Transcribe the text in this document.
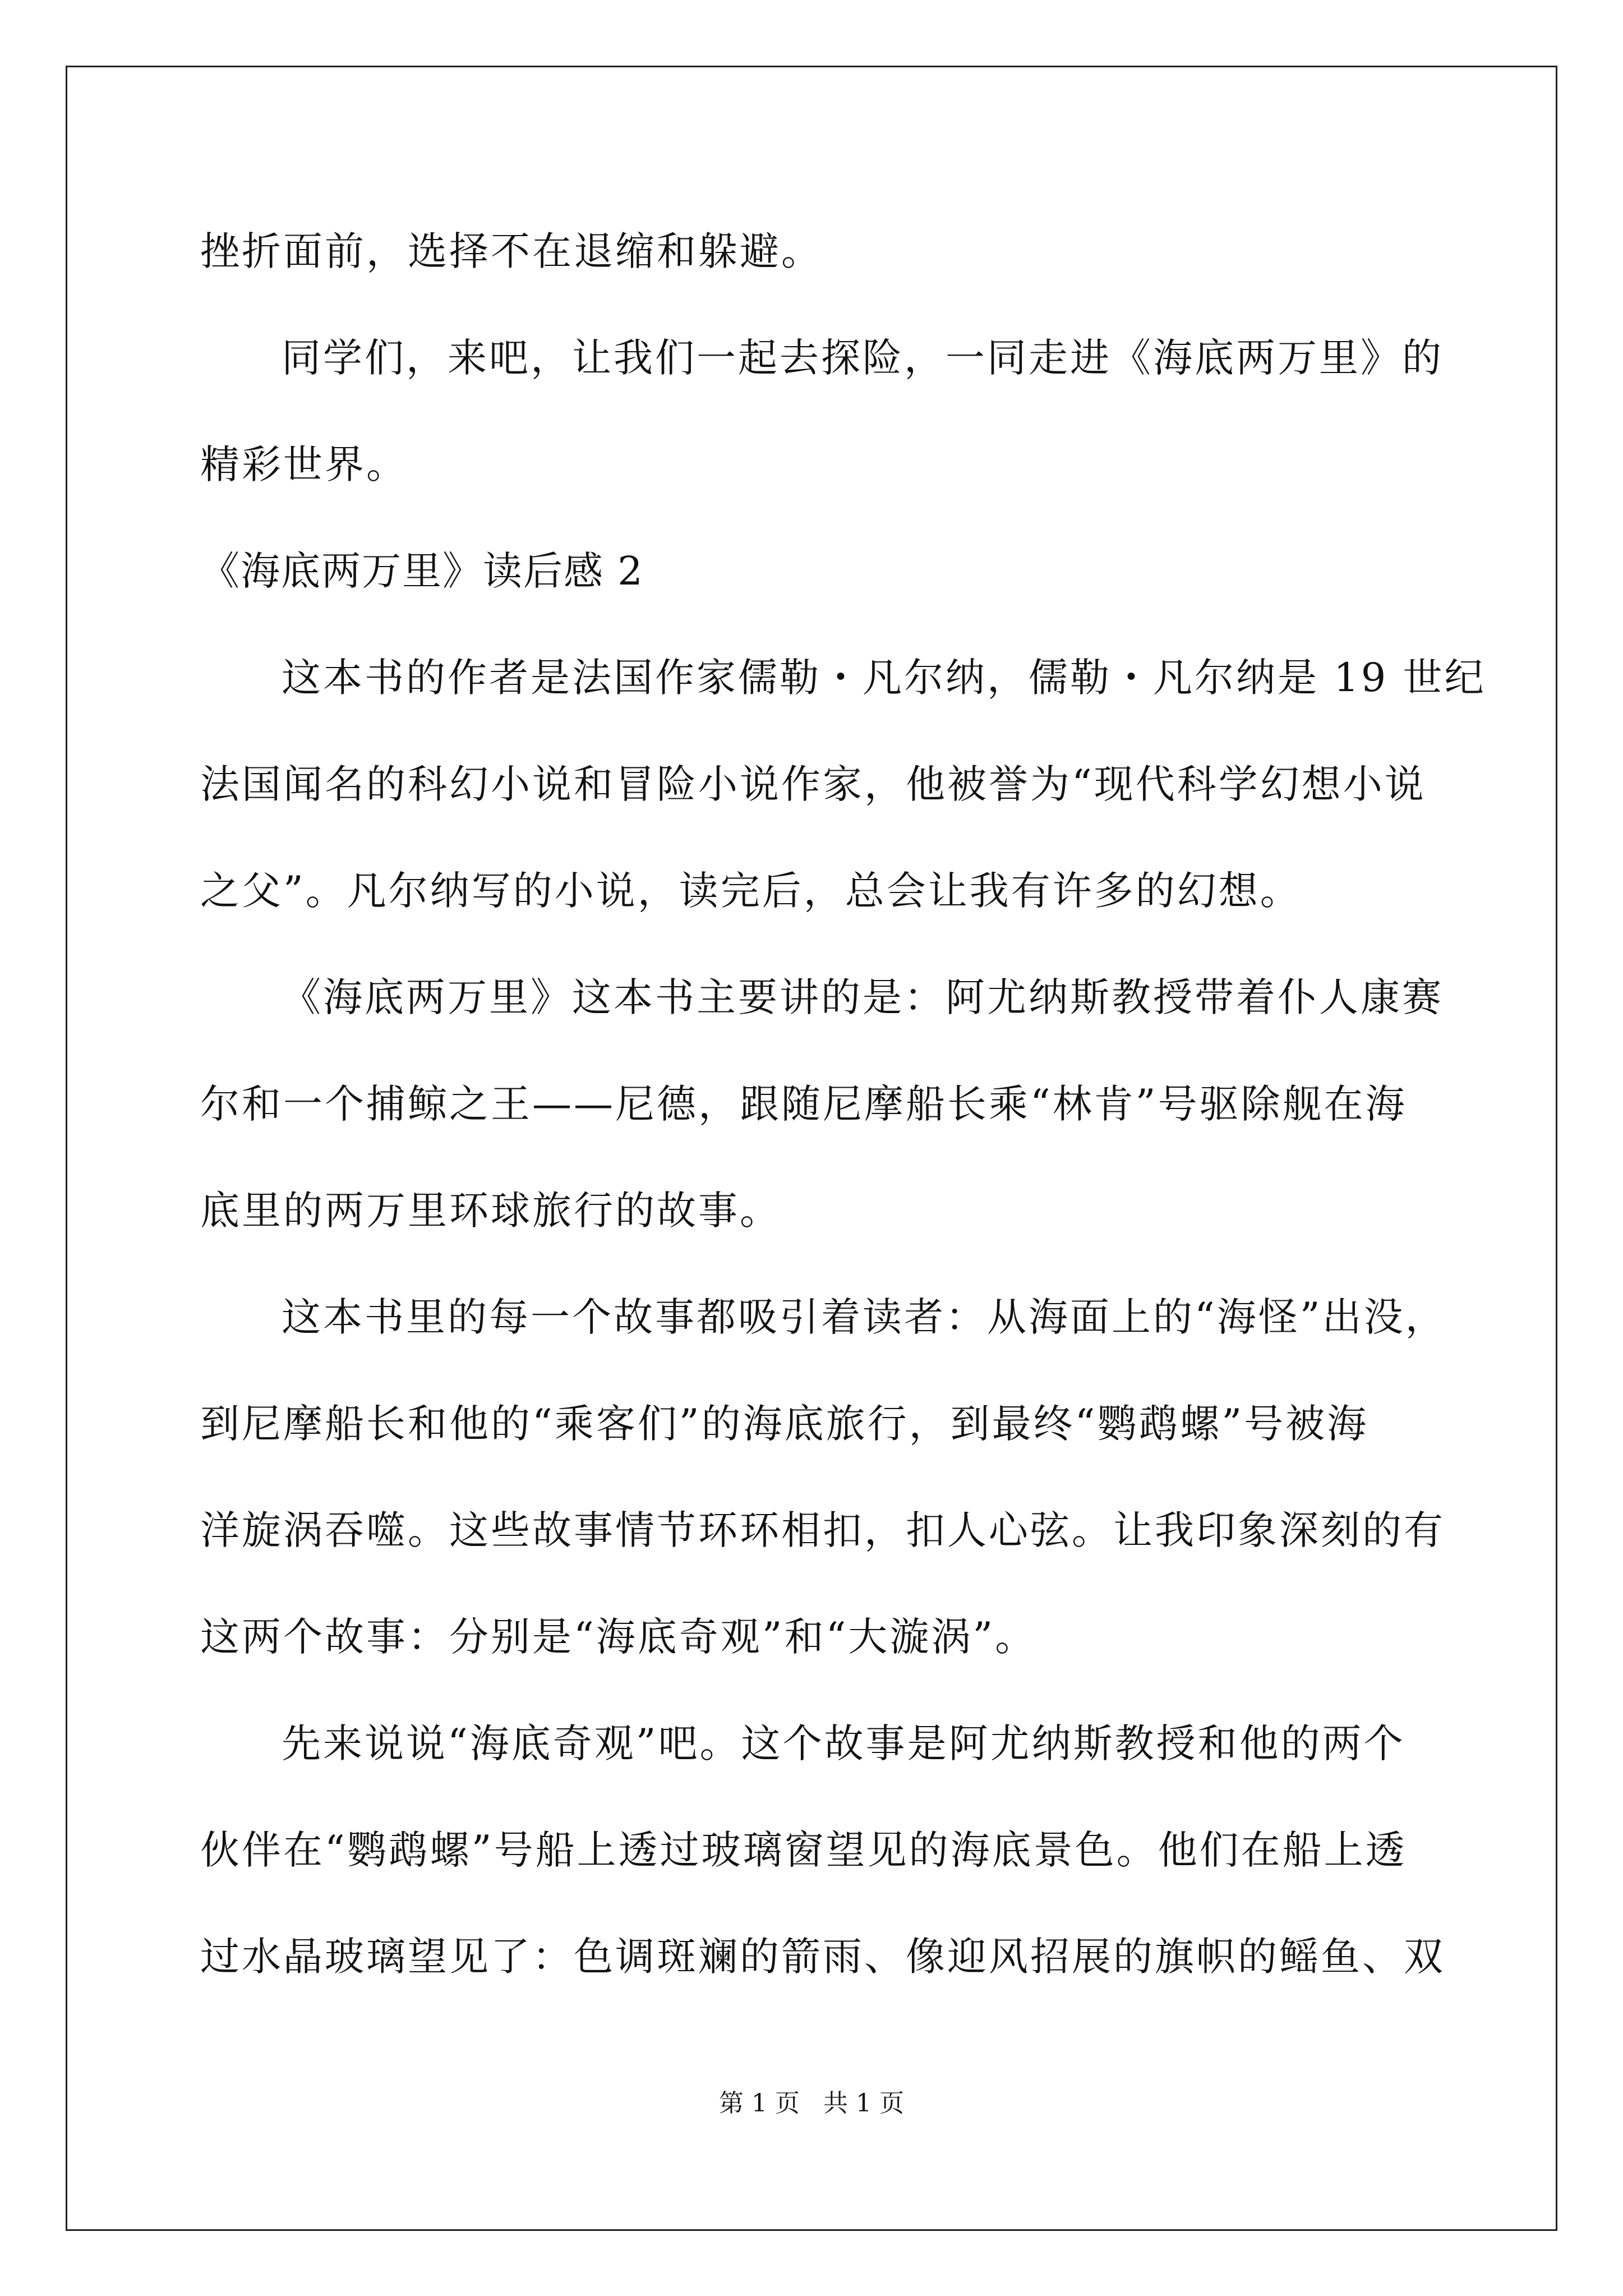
挫折面前，选择不在退缩和躲避。
同学们，来吧，让我们一起去探险，一同走进《海底两万里》的
精彩世界。
《海底两万里》读后感 2
这本书的作者是法国作家儒勒・凡尔纳，儒勒・凡尔纳是 19 世纪
法国闻名的科幻小说和冒险小说作家，他被誉为“现代科学幻想小说
之父”。凡尔纳写的小说，读完后，总会让我有许多的幻想。
《海底两万里》这本书主要讲的是：阿尤纳斯教授带着仆人康赛
尔和一个捕鲸之王——尼德，跟随尼摩船长乘“林肯”号驱除舰在海
底里的两万里环球旅行的故事。
这本书里的每一个故事都吸引着读者：从海面上的“海怪”出没，
到尼摩船长和他的“乘客们”的海底旅行，到最终“鹦鹉螺”号被海
洋旋涡吞噬。这些故事情节环环相扣，扣人心弦。让我印象深刻的有
这两个故事：分别是“海底奇观”和“大漩涡”。
先来说说“海底奇观”吧。这个故事是阿尤纳斯教授和他的两个
伙伴在“鹦鹉螺”号船上透过玻璃窗望见的海底景色。他们在船上透
过水晶玻璃望见了：色调斑斓的箭雨、像迎风招展的旗帜的鳐鱼、双
第 1 页 共 1 页
